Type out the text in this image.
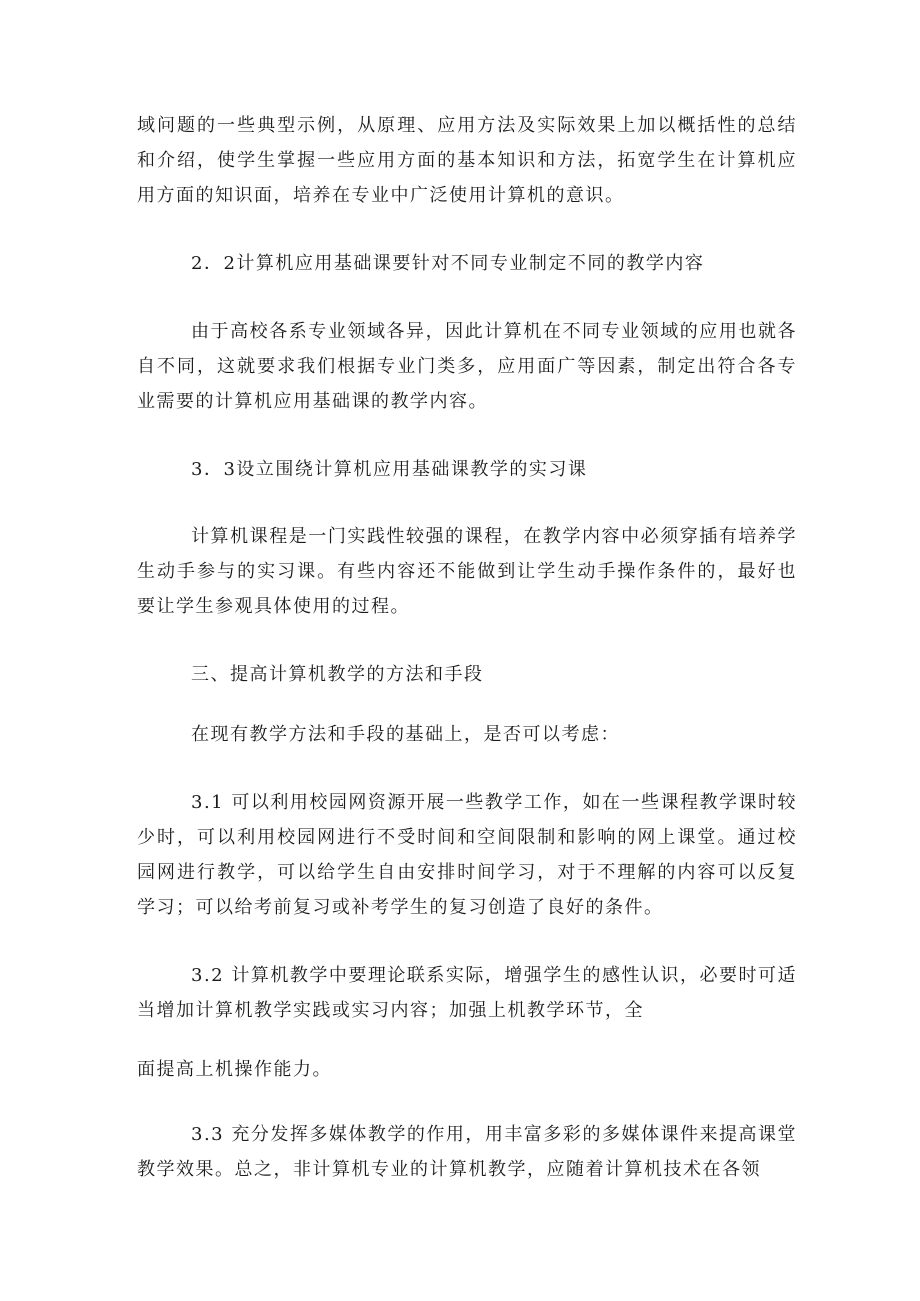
域问题的一些典型示例，从原理、应用方法及实际效果上加以概括性的总结和介绍，使学生掌握一些应用方面的基本知识和方法，拓宽学生在计算机应用方面的知识面，培养在专业中广泛使用计算机的意识。

2．2计算机应用基础课要针对不同专业制定不同的教学内容

由于高校各系专业领域各异，因此计算机在不同专业领域的应用也就各自不同，这就要求我们根据专业门类多，应用面广等因素，制定出符合各专业需要的计算机应用基础课的教学内容。

3．3设立围绕计算机应用基础课教学的实习课

计算机课程是一门实践性较强的课程，在教学内容中必须穿插有培养学生动手参与的实习课。有些内容还不能做到让学生动手操作条件的，最好也要让学生参观具体使用的过程。

三、提高计算机教学的方法和手段

在现有教学方法和手段的基础上，是否可以考虑：

3.1 可以利用校园网资源开展一些教学工作，如在一些课程教学课时较少时，可以利用校园网进行不受时间和空间限制和影响的网上课堂。通过校园网进行教学，可以给学生自由安排时间学习，对于不理解的内容可以反复学习；可以给考前复习或补考学生的复习创造了良好的条件。

3.2 计算机教学中要理论联系实际，增强学生的感性认识，必要时可适当增加计算机教学实践或实习内容；加强上机教学环节，全

面提高上机操作能力。

3.3 充分发挥多媒体教学的作用，用丰富多彩的多媒体课件来提高课堂教学效果。总之，非计算机专业的计算机教学，应随着计算机技术在各领
